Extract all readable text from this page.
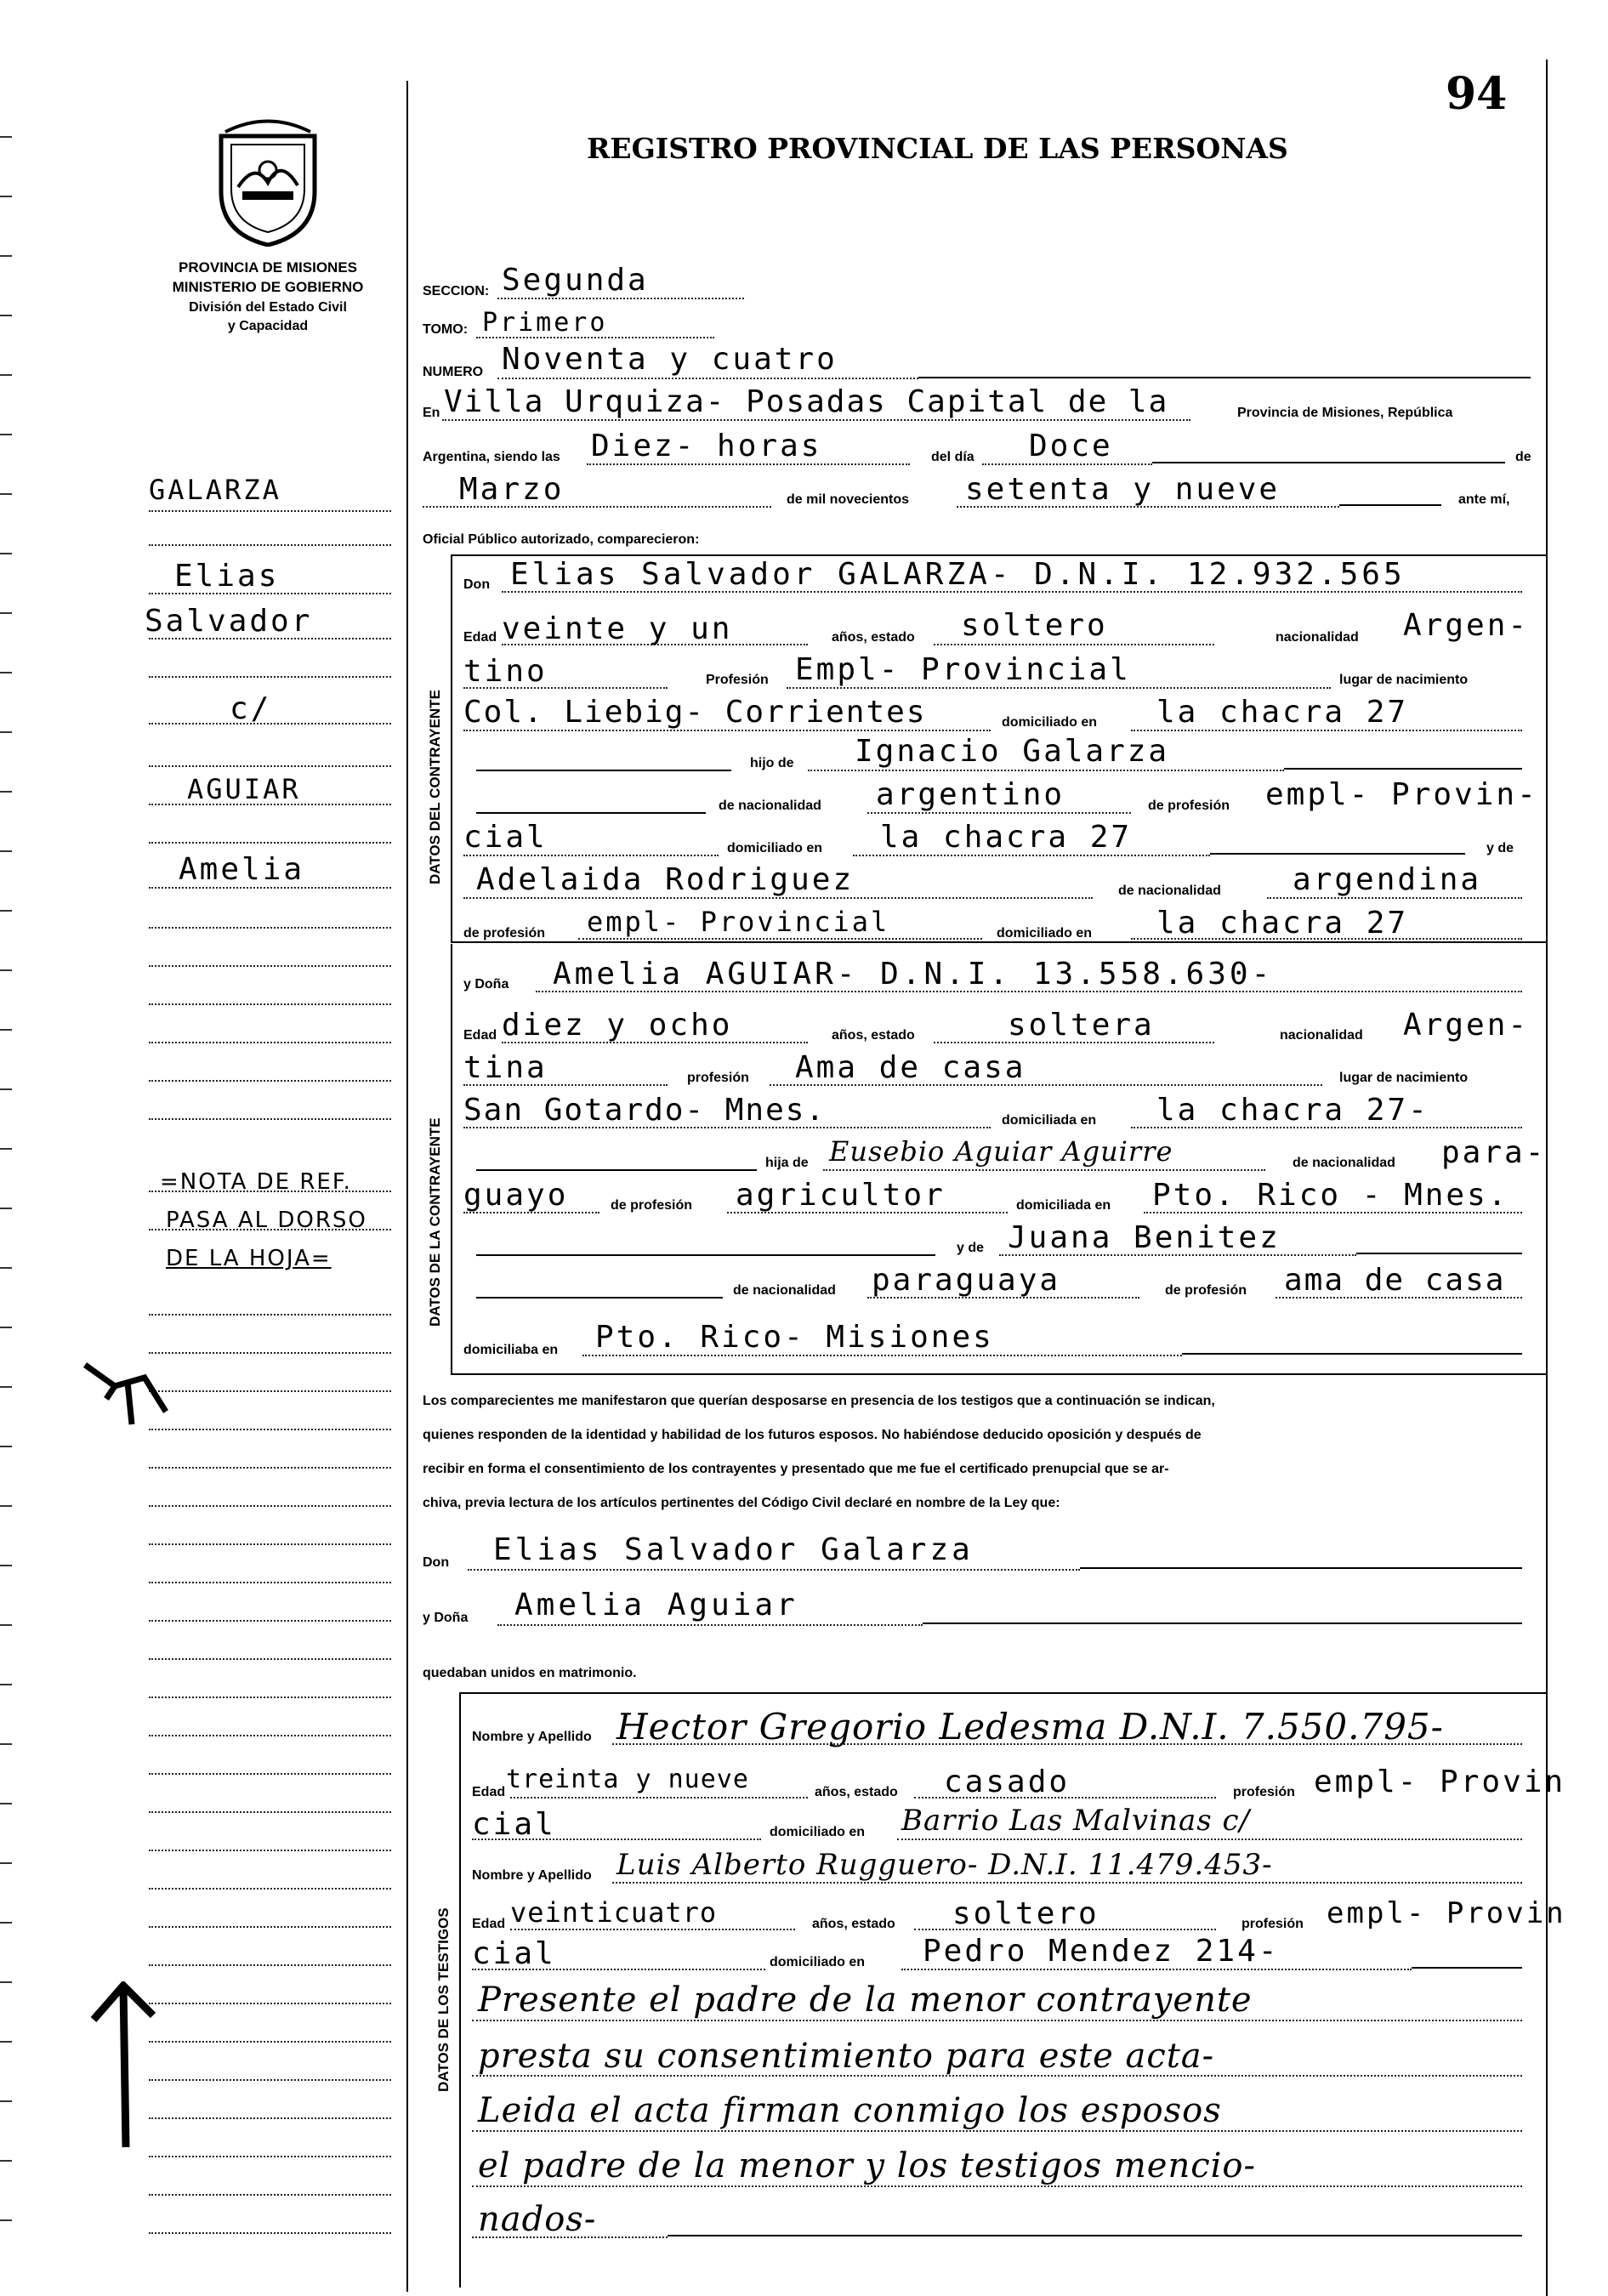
94
PROVINCIA DE MISIONES
MINISTERIO DE GOBIERNO
División del Estado Civil
y Capacidad
REGISTRO PROVINCIAL DE LAS PERSONAS
GALARZA
Elias
Salvador
c/
AGUIAR
Amelia
=NOTA DE REF.
PASA AL DORSO
DE LA HOJA=
SECCION: Segunda
TOMO: Primero
NUMERO Noventa y cuatro
En Villa Urquiza- Posadas Capital de la	Provincia de Misiones, República
Argentina, siendo las Diez- horas	del día Doce	de
Marzo	de mil novecientos setenta y nueve	ante mí,
Oficial Público autorizado, comparecieron:
DATOS DEL CONTRAYENTE
Don Elias Salvador GALARZA- D.N.I. 12.932.565
Edad veinte y un	años, estado soltero	nacionalidad Argen-
tino	Profesión Empl- Provincial	lugar de nacimiento
Col. Liebig- Corrientes	domiciliado en la chacra 27
hijo de Ignacio Galarza
de nacionalidad argentino	de profesión empl- Provin-
cial	domiciliado en la chacra 27	y de
Adelaida Rodriguez	de nacionalidad argendina
de profesión empl- Provincial	domiciliado en la chacra 27
DATOS DE LA CONTRAYENTE
y Doña Amelia AGUIAR- D.N.I. 13.558.630-
Edad diez y ocho	años, estado	soltera	nacionalidad Argen-
tina	profesión Ama de casa	lugar de nacimiento
San Gotardo- Mnes.	domiciliada en la chacra 27-
hija de Eusebio Aguiar Aguirre	de nacionalidad para-
guayo	de profesión agricultor	domiciliada en Pto. Rico - Mnes.
y de Juana Benitez
de nacionalidad paraguaya	de profesión ama de casa
domiciliaba en Pto. Rico- Misiones
Los comparecientes me manifestaron que querían desposarse en presencia de los testigos que a continuación se indican,
quienes responden de la identidad y habilidad de los futuros esposos. No habiéndose deducido oposición y después de
recibir en forma el consentimiento de los contrayentes y presentado que me fue el certificado prenupcial que se ar-
chiva, previa lectura de los artículos pertinentes del Código Civil declaré en nombre de la Ley que:
Don Elias Salvador Galarza
y Doña Amelia Aguiar
quedaban unidos en matrimonio.
DATOS DE LOS TESTIGOS
Nombre y Apellido Hector Gregorio Ledesma D.N.I. 7.550.795-
Edad treinta y nueve	años, estado casado	profesión empl- Provin
cial	domiciliado en Barrio Las Malvinas c/
Nombre y Apellido Luis Alberto Rugguero- D.N.I. 11.479.453-
Edad veinticuatro	años, estado soltero	profesión empl- Provin
cial	domiciliado en Pedro Mendez 214-
Presente el padre de la menor contrayente
presta su consentimiento para este acta-
Leida el acta firman conmigo los esposos
el padre de la menor y los testigos mencio-
nados-
